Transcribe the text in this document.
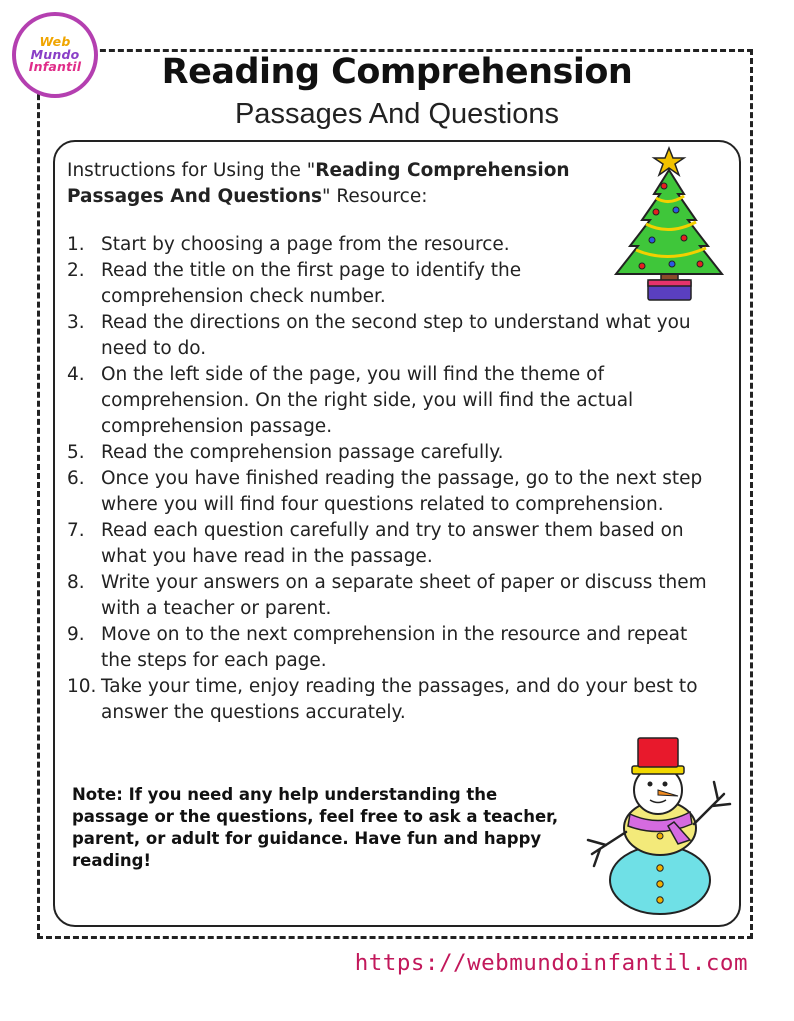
Web
Mundo
Infantil	Reading Comprehension
Passages And Questions
Instructions for Using the "Reading Comprehension Passages And Questions" Resource:
1. Start by choosing a page from the resource.
2. Read the title on the first page to identify the comprehension check number.
3. Read the directions on the second step to understand what you need to do.
4. On the left side of the page, you will find the theme of comprehension. On the right side, you will find the actual comprehension passage.
5. Read the comprehension passage carefully.
6. Once you have finished reading the passage, go to the next step where you will find four questions related to comprehension.
7. Read each question carefully and try to answer them based on what you have read in the passage.
8. Write your answers on a separate sheet of paper or discuss them with a teacher or parent.
9. Move on to the next comprehension in the resource and repeat the steps for each page.
10. Take your time, enjoy reading the passages, and do your best to answer the questions accurately.
Note: If you need any help understanding the passage or the questions, feel free to ask a teacher, parent, or adult for guidance. Have fun and happy reading!
https://webmundoinfantil.com
